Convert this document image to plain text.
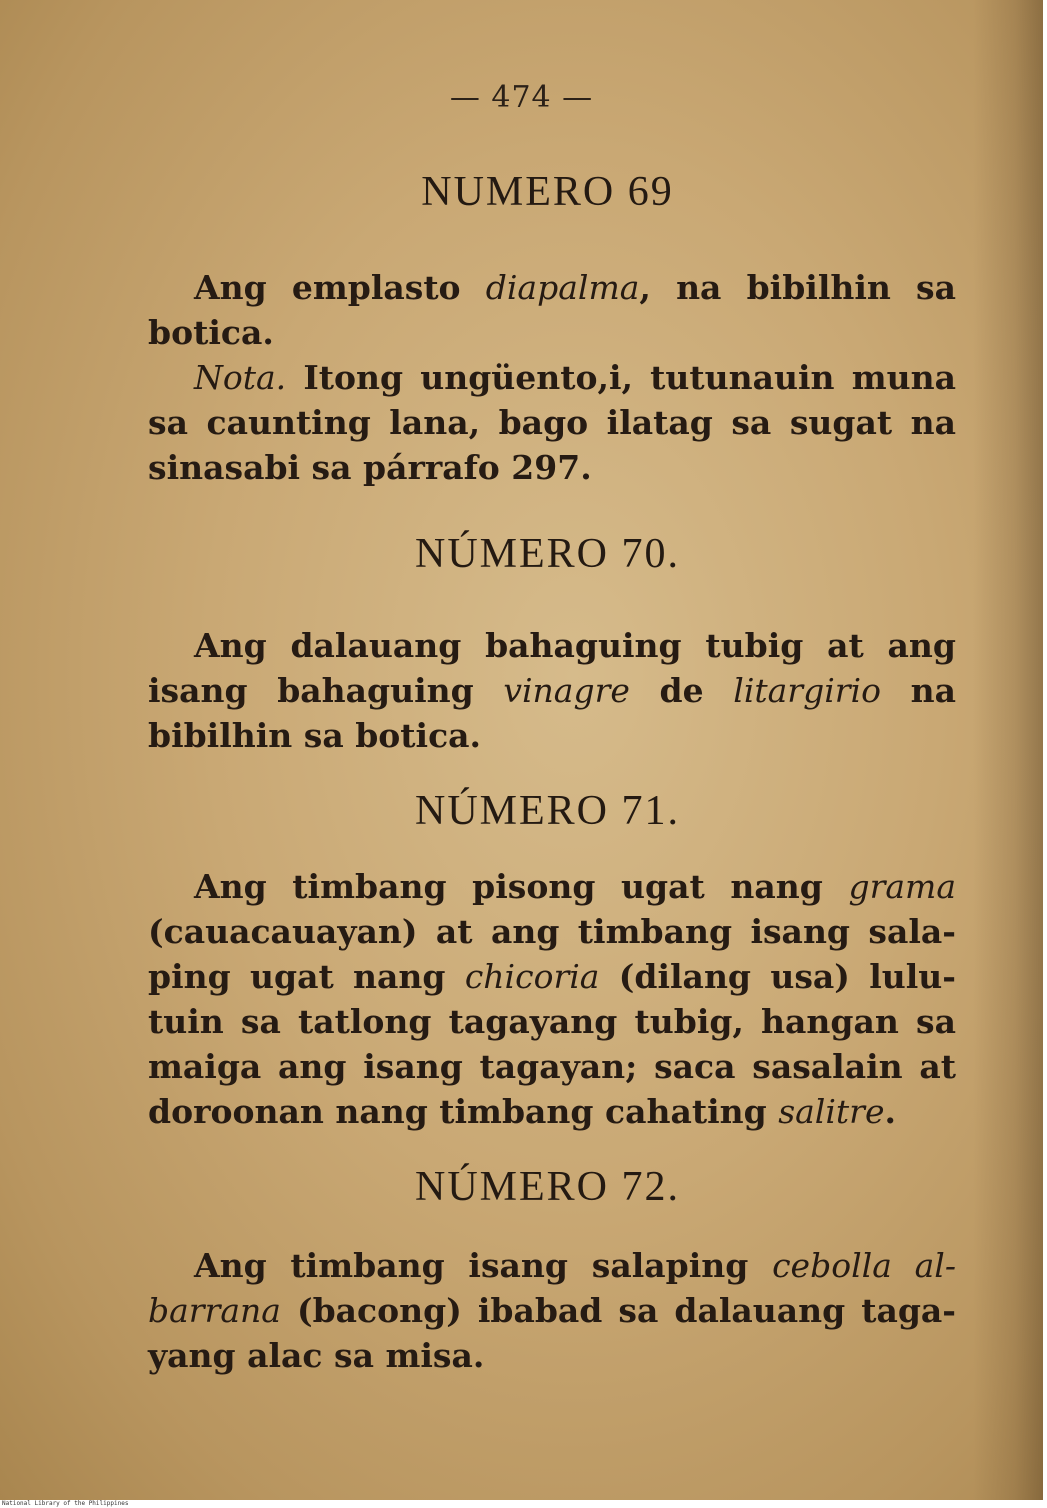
— 474 —
NUMERO 69
Ang emplasto diapalma, na bibilhin sa
botica.
Nota. Itong ungüento,i, tutunauin muna
sa caunting lana, bago ilatag sa sugat na
sinasabi sa párrafo 297.
NÚMERO 70.
Ang dalauang bahaguing tubig at ang
isang bahaguing vinagre de litargirio na
bibilhin sa botica.
NÚMERO 71.
Ang timbang pisong ugat nang grama
(cauacauayan) at ang timbang isang sala-
ping ugat nang chicoria (dilang usa) lulu-
tuin sa tatlong tagayang tubig, hangan sa
maiga ang isang tagayan; saca sasalain at
doroonan nang timbang cahating salitre.
NÚMERO 72.
Ang timbang isang salaping cebolla al-
barrana (bacong) ibabad sa dalauang taga-
yang alac sa misa.
National Library of the Philippines
